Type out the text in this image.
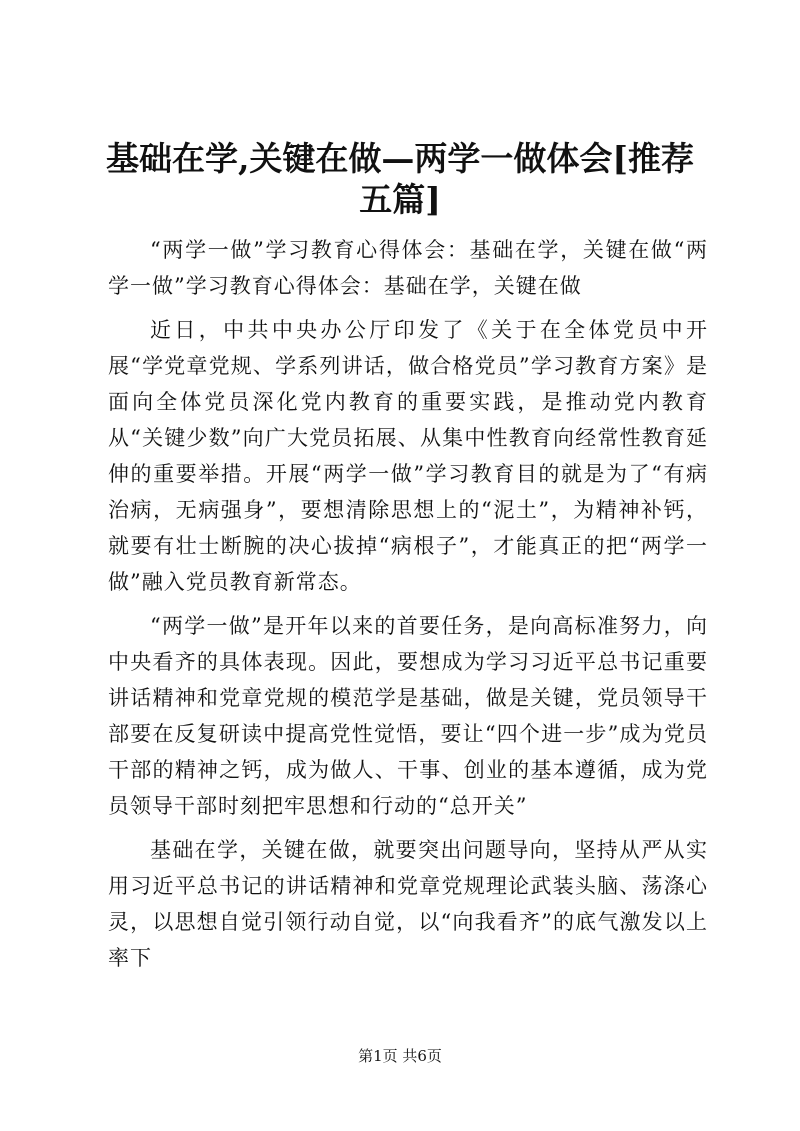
基础在学,关键在做—两学一做体会[推荐五篇]

“两学一做”学习教育心得体会：基础在学，关键在做“两学一做”学习教育心得体会：基础在学，关键在做

近日，中共中央办公厅印发了《关于在全体党员中开展“学党章党规、学系列讲话，做合格党员”学习教育方案》是面向全体党员深化党内教育的重要实践，是推动党内教育从“关键少数”向广大党员拓展、从集中性教育向经常性教育延伸的重要举措。开展“两学一做”学习教育目的就是为了“有病治病，无病强身”，要想清除思想上的“泥土”，为精神补钙，就要有壮士断腕的决心拔掉“病根子”，才能真正的把“两学一做”融入党员教育新常态。

“两学一做”是开年以来的首要任务，是向高标准努力，向中央看齐的具体表现。因此，要想成为学习习近平总书记重要讲话精神和党章党规的模范学是基础，做是关键，党员领导干部要在反复研读中提高党性觉悟，要让“四个进一步”成为党员干部的精神之钙，成为做人、干事、创业的基本遵循，成为党员领导干部时刻把牢思想和行动的“总开关”

基础在学，关键在做，就要突出问题导向，坚持从严从实用习近平总书记的讲话精神和党章党规理论武装头脑、荡涤心灵，以思想自觉引领行动自觉，以“向我看齐”的底气激发以上率下

第1页 共6页
